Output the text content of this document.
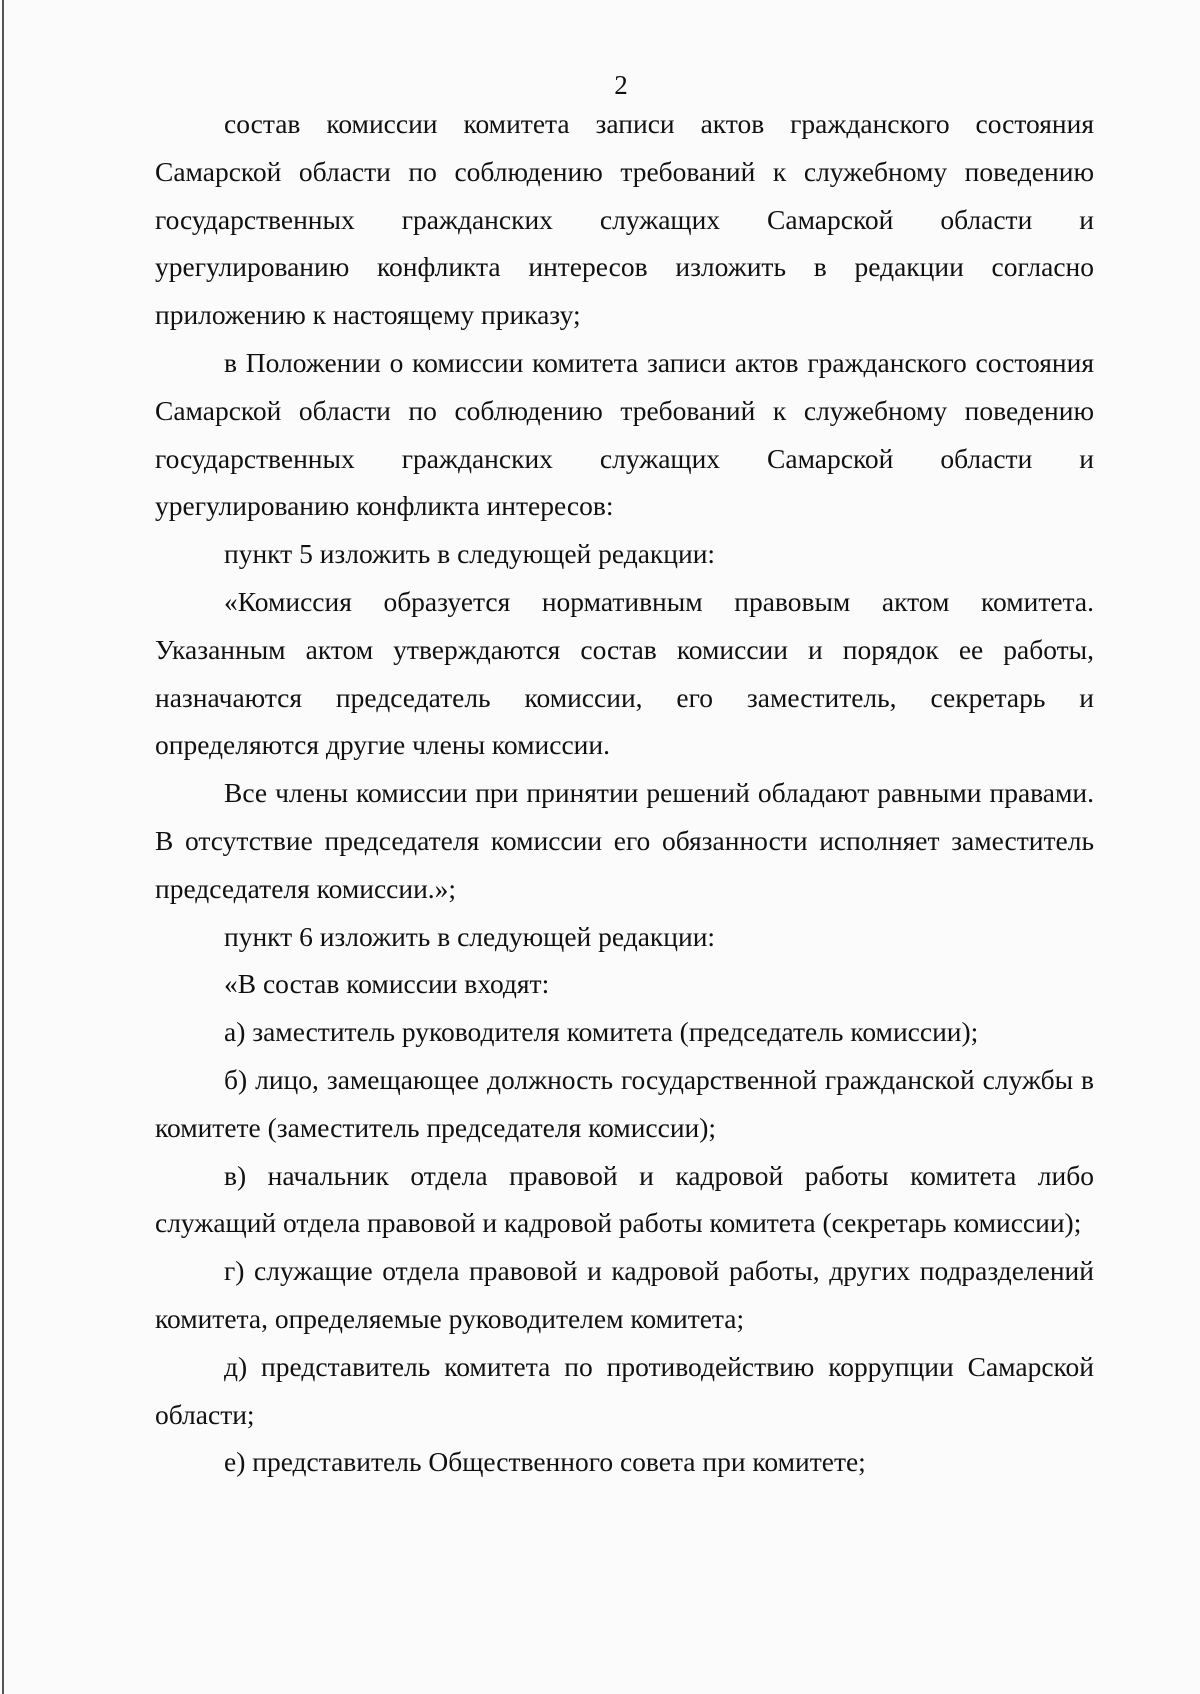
2

состав комиссии комитета записи актов гражданского состояния Самарской области по соблюдению требований к служебному поведению государственных гражданских служащих Самарской области и урегулированию конфликта интересов изложить в редакции согласно приложению к настоящему приказу;

в Положении о комиссии комитета записи актов гражданского состояния Самарской области по соблюдению требований к служебному поведению государственных гражданских служащих Самарской области и урегулированию конфликта интересов:

пункт 5 изложить в следующей редакции:

«Комиссия образуется нормативным правовым актом комитета. Указанным актом утверждаются состав комиссии и порядок ее работы, назначаются председатель комиссии, его заместитель, секретарь и определяются другие члены комиссии.

Все члены комиссии при принятии решений обладают равными правами. В отсутствие председателя комиссии его обязанности исполняет заместитель председателя комиссии.»;

пункт 6 изложить в следующей редакции:

«В состав комиссии входят:

а) заместитель руководителя комитета (председатель комиссии);

б) лицо, замещающее должность государственной гражданской службы в комитете (заместитель председателя комиссии);

в) начальник отдела правовой и кадровой работы комитета либо служащий отдела правовой и кадровой работы комитета (секретарь комиссии);

г) служащие отдела правовой и кадровой работы, других подразделений комитета, определяемые руководителем комитета;

д) представитель комитета по противодействию коррупции Самарской области;

е) представитель Общественного совета при комитете;
